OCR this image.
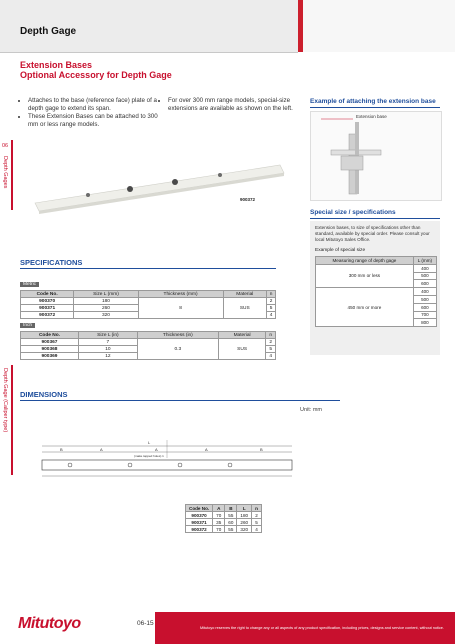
Depth Gage
Extension Bases
Optional Accessory for Depth Gage
• Attaches to the base (reference face) plate of a depth gage to extend its span.
• These Extension Bases can be attached to 300 mm or less range models.
• For over 300 mm range models, special-size extensions are available as shown on the left.
06
Depth Gages
Depth Gage (Caliper type)
900372
Example of attaching the extension base
Extension base
Special size / specifications
Extension bases, to size of specifications other than standard, available by special order. Please consult your local Mitutoyo Sales Office.
Example of special size
Measuring range of depth gage	L (mm)
300 mm or less	400
	500
	600
450 mm or more	400
	500
	600
	700
	800
SPECIFICATIONS
Metric
Code No.	Size L (mm)	Thickness (mm)	Material	n
900370	180	8	SUS	2
900371	260			5
900372	320			4
Inch
Code No.	Size L (in)	Thickness (in)	Material	n
900367	7	0.3	SUS	2
900368	10			5
900369	12			4
DIMENSIONS
Unit: mm
L
B	A	A	A	B
(make tapped holes) 1
Code No.	A	B	L	n
900370	70	55	180	2
900371	35	60	260	5
900372	70	55	320	4
Mitutoyo	06-15
Mitutoyo reserves the right to change any or all aspects of any product specification, including prices, designs and service content, without notice.
